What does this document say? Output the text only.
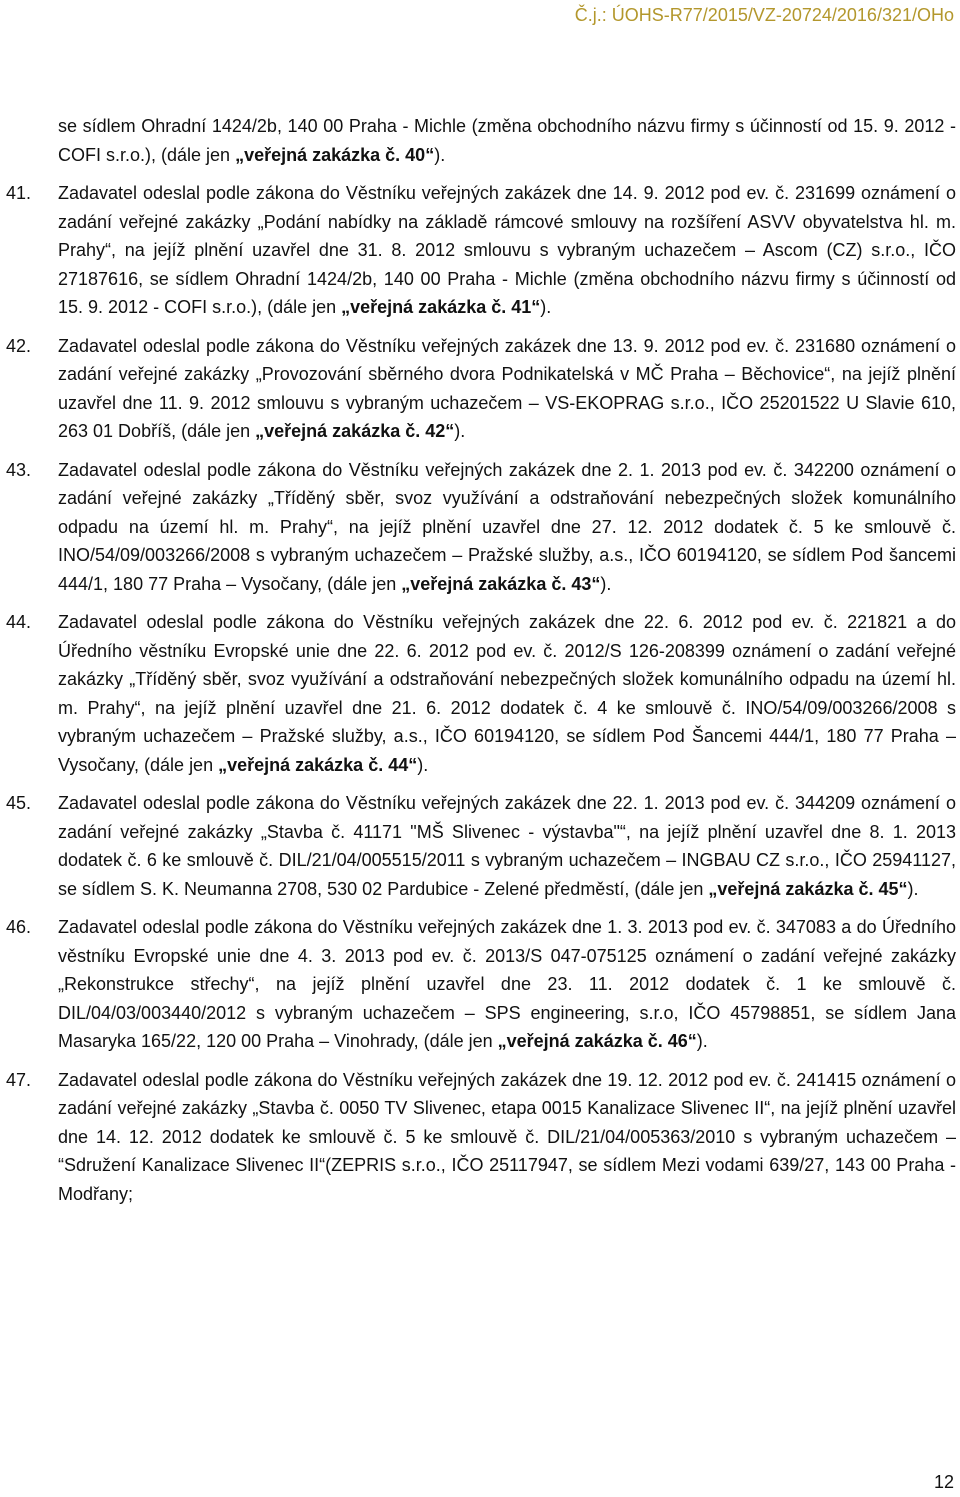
Č.j.: ÚOHS-R77/2015/VZ-20724/2016/321/OHo
se sídlem Ohradní 1424/2b, 140 00 Praha - Michle (změna obchodního názvu firmy s účinností od 15. 9. 2012 - COFI s.r.o.), (dále jen „veřejná zakázka č. 40“).
41. Zadavatel odeslal podle zákona do Věstníku veřejných zakázek dne 14. 9. 2012 pod ev. č. 231699 oznámení o zadání veřejné zakázky „Podání nabídky na základě rámcové smlouvy na rozšíření ASVV obyvatelstva hl. m. Prahy“, na jejíž plnění uzavřel dne 31. 8. 2012 smlouvu s vybraným uchazečem – Ascom (CZ) s.r.o., IČO 27187616, se sídlem Ohradní 1424/2b, 140 00 Praha - Michle (změna obchodního názvu firmy s účinností od 15. 9. 2012 - COFI s.r.o.), (dále jen „veřejná zakázka č. 41“).

42. Zadavatel odeslal podle zákona do Věstníku veřejných zakázek dne 13. 9. 2012 pod ev. č. 231680 oznámení o zadání veřejné zakázky „Provozování sběrného dvora Podnikatelská v MČ Praha – Běchovice“, na jejíž plnění uzavřel dne 11. 9. 2012 smlouvu s vybraným uchazečem – VS-EKOPRAG s.r.o., IČO 25201522 U Slavie 610, 263 01 Dobříš, (dále jen „veřejná zakázka č. 42“).

43. Zadavatel odeslal podle zákona do Věstníku veřejných zakázek dne 2. 1. 2013 pod ev. č. 342200 oznámení o zadání veřejné zakázky „Tříděný sběr, svoz využívání a odstraňování nebezpečných složek komunálního odpadu na území hl. m. Prahy“, na jejíž plnění uzavřel dne 27. 12. 2012 dodatek č. 5 ke smlouvě č. INO/54/09/003266/2008 s vybraným uchazečem – Pražské služby, a.s., IČO 60194120, se sídlem Pod šancemi 444/1, 180 77 Praha – Vysočany, (dále jen „veřejná zakázka č. 43“).

44. Zadavatel odeslal podle zákona do Věstníku veřejných zakázek dne 22. 6. 2012 pod ev. č. 221821 a do Úředního věstníku Evropské unie dne 22. 6. 2012 pod ev. č. 2012/S 126-208399 oznámení o zadání veřejné zakázky „Tříděný sběr, svoz využívání a odstraňování nebezpečných složek komunálního odpadu na území hl. m. Prahy“, na jejíž plnění uzavřel dne 21. 6. 2012 dodatek č. 4 ke smlouvě č. INO/54/09/003266/2008 s vybraným uchazečem – Pražské služby, a.s., IČO 60194120, se sídlem Pod Šancemi 444/1, 180 77 Praha – Vysočany, (dále jen „veřejná zakázka č. 44“).

45. Zadavatel odeslal podle zákona do Věstníku veřejných zakázek dne 22. 1. 2013 pod ev. č. 344209 oznámení o zadání veřejné zakázky „Stavba č. 41171 "MŠ Slivenec - výstavba"“, na jejíž plnění uzavřel dne 8. 1. 2013 dodatek č. 6 ke smlouvě č. DIL/21/04/005515/2011 s vybraným uchazečem – INGBAU CZ s.r.o., IČO 25941127, se sídlem S. K. Neumanna 2708, 530 02 Pardubice - Zelené předměstí, (dále jen „veřejná zakázka č. 45“).

46. Zadavatel odeslal podle zákona do Věstníku veřejných zakázek dne 1. 3. 2013 pod ev. č. 347083 a do Úředního věstníku Evropské unie dne 4. 3. 2013 pod ev. č. 2013/S 047-075125 oznámení o zadání veřejné zakázky „Rekonstrukce střechy“, na jejíž plnění uzavřel dne 23. 11. 2012 dodatek č. 1 ke smlouvě č. DIL/04/03/003440/2012 s vybraným uchazečem – SPS engineering, s.r.o, IČO 45798851, se sídlem Jana Masaryka 165/22, 120 00 Praha – Vinohrady, (dále jen „veřejná zakázka č. 46“).

47. Zadavatel odeslal podle zákona do Věstníku veřejných zakázek dne 19. 12. 2012 pod ev. č. 241415 oznámení o zadání veřejné zakázky „Stavba č. 0050 TV Slivenec, etapa 0015 Kanalizace Slivenec II“, na jejíž plnění uzavřel dne 14. 12. 2012 dodatek ke smlouvě č. 5 ke smlouvě č. DIL/21/04/005363/2010 s vybraným uchazečem – “Sdružení Kanalizace Slivenec II“(ZEPRIS s.r.o., IČO 25117947, se sídlem Mezi vodami 639/27, 143 00 Praha - Modřany;

12
